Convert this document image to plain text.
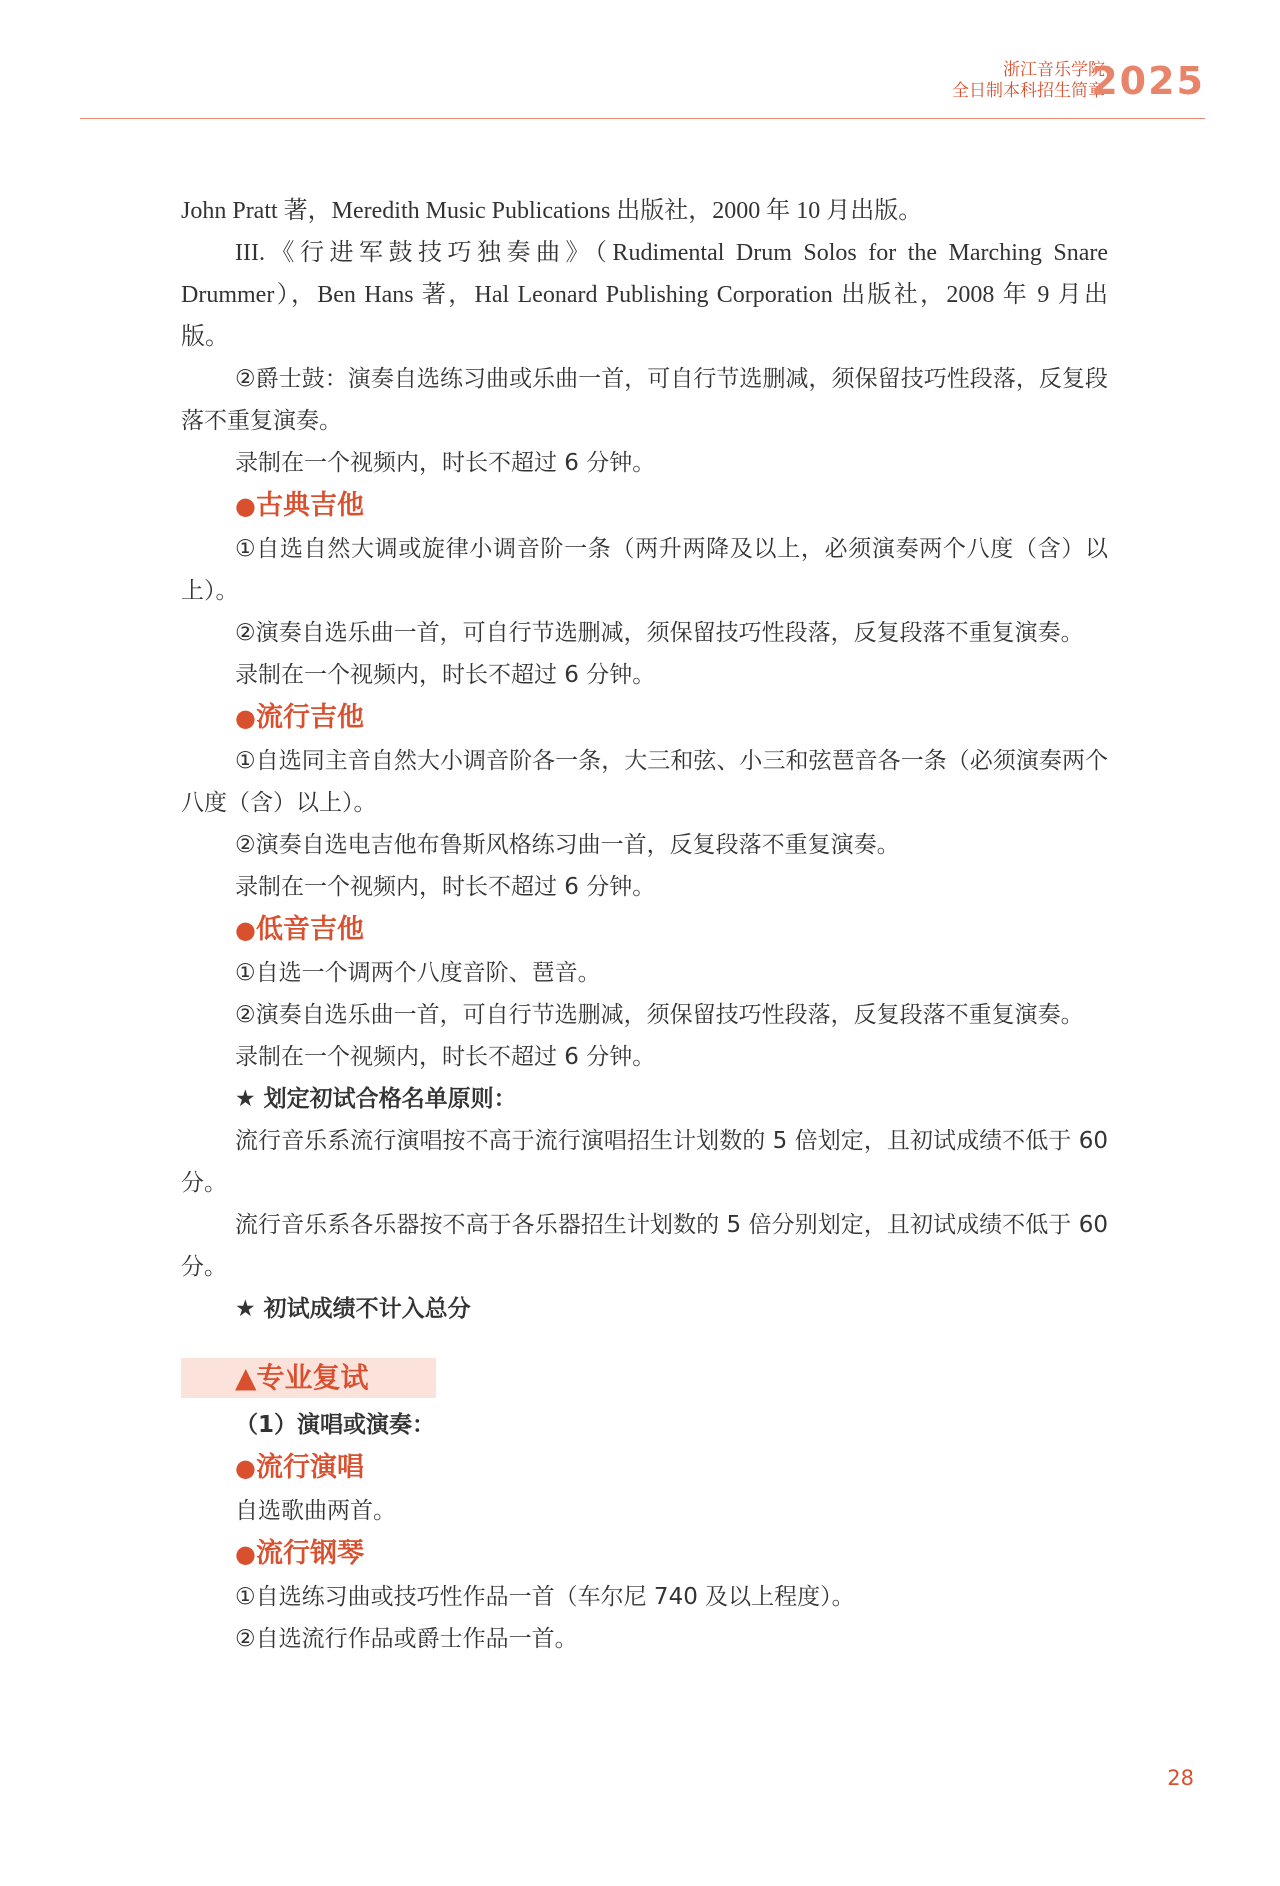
浙江音乐学院
全日制本科招生简章
2025

John Pratt 著，Meredith Music Publications 出版社，2000 年 10 月出版。

III.《行进军鼓技巧独奏曲》（Rudimental Drum Solos for the Marching Snare Drummer），Ben Hans 著，Hal Leonard Publishing Corporation 出版社，2008 年 9 月出版。

②爵士鼓：演奏自选练习曲或乐曲一首，可自行节选删减，须保留技巧性段落，反复段落不重复演奏。

录制在一个视频内，时长不超过 6 分钟。

●古典吉他

①自选自然大调或旋律小调音阶一条（两升两降及以上，必须演奏两个八度（含）以上）。

②演奏自选乐曲一首，可自行节选删减，须保留技巧性段落，反复段落不重复演奏。

录制在一个视频内，时长不超过 6 分钟。

●流行吉他

①自选同主音自然大小调音阶各一条，大三和弦、小三和弦琶音各一条（必须演奏两个八度（含）以上）。

②演奏自选电吉他布鲁斯风格练习曲一首，反复段落不重复演奏。

录制在一个视频内，时长不超过 6 分钟。

●低音吉他

①自选一个调两个八度音阶、琶音。

②演奏自选乐曲一首，可自行节选删减，须保留技巧性段落，反复段落不重复演奏。

录制在一个视频内，时长不超过 6 分钟。

★ 划定初试合格名单原则：

流行音乐系流行演唱按不高于流行演唱招生计划数的 5 倍划定，且初试成绩不低于 60 分。

流行音乐系各乐器按不高于各乐器招生计划数的 5 倍分别划定，且初试成绩不低于 60 分。

★ 初试成绩不计入总分

▲专业复试

（1）演唱或演奏：

●流行演唱

自选歌曲两首。

●流行钢琴

①自选练习曲或技巧性作品一首（车尔尼 740 及以上程度）。

②自选流行作品或爵士作品一首。

28
